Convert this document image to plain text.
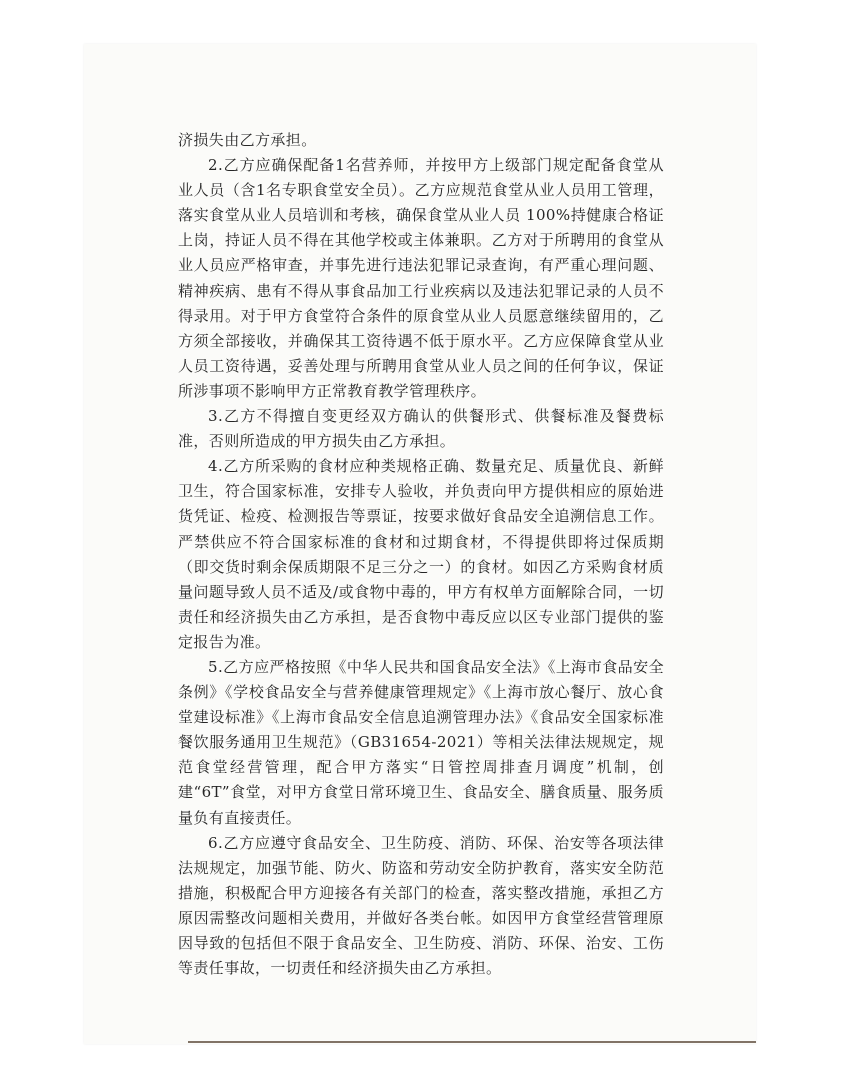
济损失由乙方承担。

2.乙方应确保配备1名营养师，并按甲方上级部门规定配备食堂从业人员（含1名专职食堂安全员）。乙方应规范食堂从业人员用工管理，落实食堂从业人员培训和考核，确保食堂从业人员 100%持健康合格证上岗，持证人员不得在其他学校或主体兼职。乙方对于所聘用的食堂从业人员应严格审查，并事先进行违法犯罪记录查询，有严重心理问题、精神疾病、患有不得从事食品加工行业疾病以及违法犯罪记录的人员不得录用。对于甲方食堂符合条件的原食堂从业人员愿意继续留用的，乙方须全部接收，并确保其工资待遇不低于原水平。乙方应保障食堂从业人员工资待遇，妥善处理与所聘用食堂从业人员之间的任何争议，保证所涉事项不影响甲方正常教育教学管理秩序。

3.乙方不得擅自变更经双方确认的供餐形式、供餐标准及餐费标准，否则所造成的甲方损失由乙方承担。

4.乙方所采购的食材应种类规格正确、数量充足、质量优良、新鲜卫生，符合国家标准，安排专人验收，并负责向甲方提供相应的原始进货凭证、检疫、检测报告等票证，按要求做好食品安全追溯信息工作。严禁供应不符合国家标准的食材和过期食材，不得提供即将过保质期（即交货时剩余保质期限不足三分之一）的食材。如因乙方采购食材质量问题导致人员不适及/或食物中毒的，甲方有权单方面解除合同，一切责任和经济损失由乙方承担，是否食物中毒反应以区专业部门提供的鉴定报告为准。

5.乙方应严格按照《中华人民共和国食品安全法》《上海市食品安全条例》《学校食品安全与营养健康管理规定》《上海市放心餐厅、放心食堂建设标准》《上海市食品安全信息追溯管理办法》《食品安全国家标准餐饮服务通用卫生规范》（GB31654-2021）等相关法律法规规定，规范食堂经营管理，配合甲方落实“日管控周排查月调度”机制，创建“6T”食堂，对甲方食堂日常环境卫生、食品安全、膳食质量、服务质量负有直接责任。

6.乙方应遵守食品安全、卫生防疫、消防、环保、治安等各项法律法规规定，加强节能、防火、防盗和劳动安全防护教育，落实安全防范措施，积极配合甲方迎接各有关部门的检查，落实整改措施，承担乙方原因需整改问题相关费用，并做好各类台帐。如因甲方食堂经营管理原因导致的包括但不限于食品安全、卫生防疫、消防、环保、治安、工伤等责任事故，一切责任和经济损失由乙方承担。
